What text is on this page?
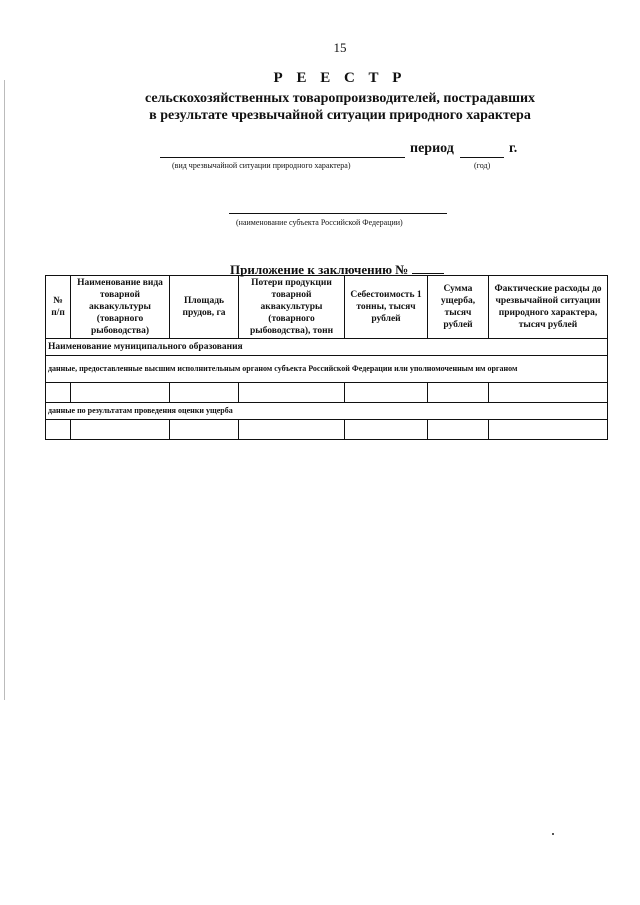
15
Р Е Е С Т Р
сельскохозяйственных товаропроизводителей, пострадавших
в результате чрезвычайной ситуации природного характера
период	г.
(вид чрезвычайной ситуации природного характера)	(год)
(наименование субъекта Российской Федерации)
Приложение к заключению №
№ п/п	Наименование вида товарной аквакультуры (товарного рыбоводства)	Площадь прудов, га	Потери продукции товарной аквакультуры (товарного рыбоводства), тонн	Себестоимость 1 тонны, тысяч рублей	Сумма ущерба, тысяч рублей	Фактические расходы до чрезвычайной ситуации природного характера, тысяч рублей
Наименование муниципального образования						
данные, предоставленные высшим исполнительным органом субъекта Российской Федерации или уполномоченным им органом						

данные по результатам проведения оценки ущерба						
